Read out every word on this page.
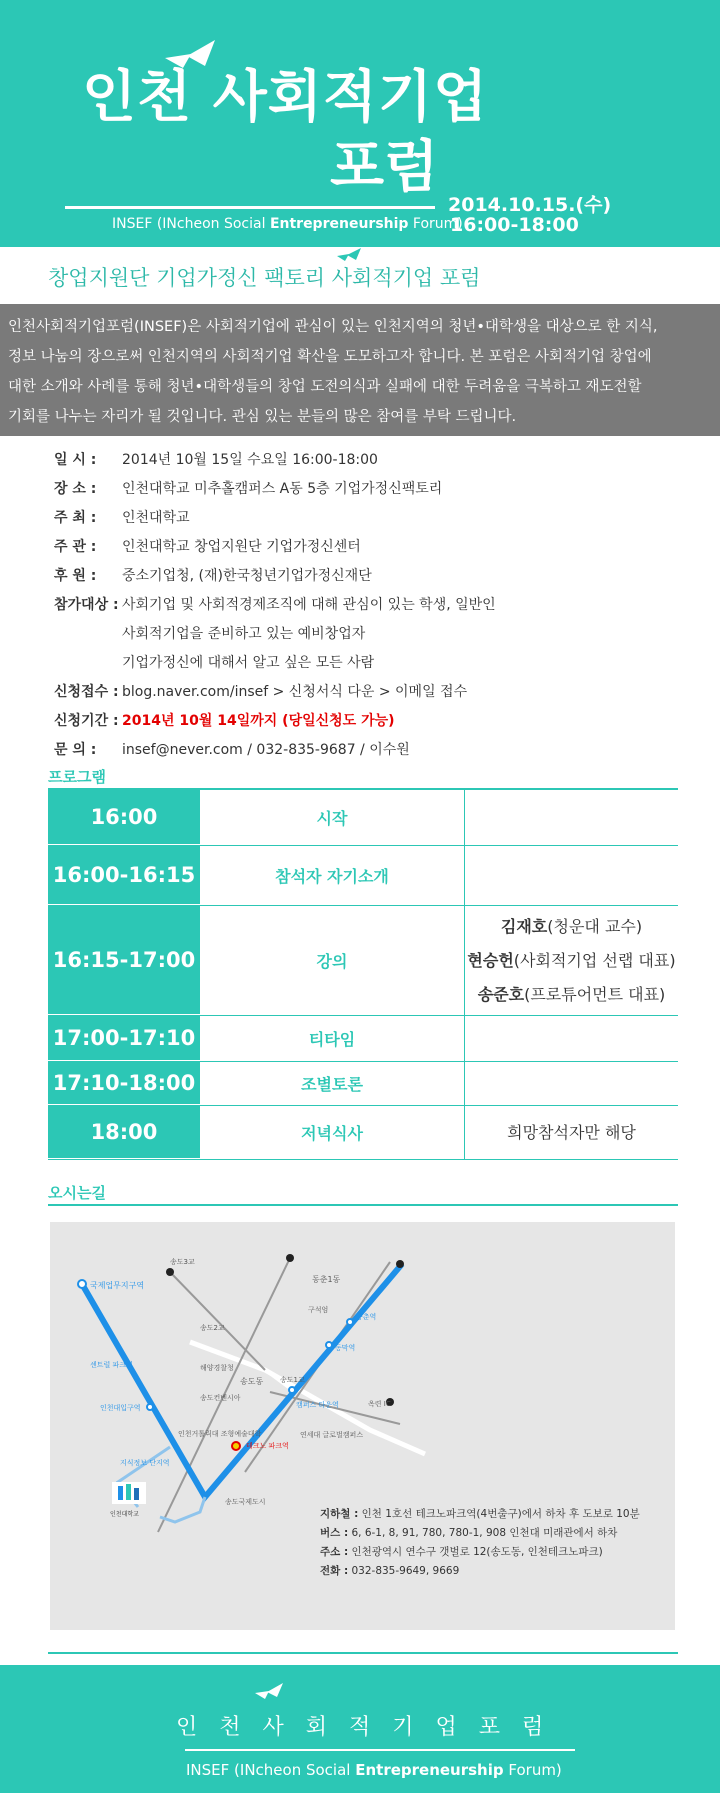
인천 사회적기업
포럼
INSEF (INcheon Social Entrepreneurship Forum)
2014.10.15.(수)
16:00-18:00
창업지원단 기업가정신 팩토리 사회적기업 포럼

인천사회적기업포럼(INSEF)은 사회적기업에 관심이 있는 인천지역의 청년•대학생을 대상으로 한 지식,

정보 나눔의 장으로써 인천지역의 사회적기업 확산을 도모하고자 합니다. 본 포럼은 사회적기업 창업에

대한 소개와 사례를 통해 청년•대학생들의 창업 도전의식과 실패에 대한 두려움을 극복하고 재도전할

기회를 나누는 자리가 될 것입니다. 관심 있는 분들의 많은 참여를 부탁 드립니다.

일 시 : 2014년 10월 15일 수요일 16:00-18:00
장 소 : 인천대학교 미추홀캠퍼스 A동 5층 기업가정신팩토리
주 최 : 인천대학교
주 관 : 인천대학교 창업지원단 기업가정신센터
후 원 : 중소기업청, (재)한국청년기업가정신재단
참가대상 : 사회기업 및 사회적경제조직에 대해 관심이 있는 학생, 일반인
사회적기업을 준비하고 있는 예비창업자
기업가정신에 대해서 알고 싶은 모든 사람
신청접수 : blog.naver.com/insef > 신청서식 다운 > 이메일 접수
신청기간 : 2014년 10월 14일까지 (당일신청도 가능)
문 의 : insef@never.com / 032-835-9687 / 이수원
프로그램
16:00	시작
16:00-16:15	참석자 자기소개
16:15-17:00	강의
김재호(청운대 교수)
현승헌(사회적기업 선랩 대표)
송준호(프로튜어먼트 대표)
17:00-17:10	티타임
17:10-18:00	조별토론
18:00	저녁식사	희망참석자만 해당
오시는길
국제업무지구역
센트럴 파크역
인천대입구역
지식정보 단지역
테크노 파크역
캠퍼스 타운역
동막역
동춘역
동춘1동
송도3교
송도2교
송도1교
송도동
해양경찰청
송도컨벤시아
인천거톨릭대 조형예술대학	연세대 글로벌캠퍼스
송도국제도시
구석엄
옥련 IC
인천대학교	지하철 : 인천 1호선 테크노파크역(4번출구)에서 하차 후 도보로 10분
버스 : 6, 6-1, 8, 91, 780, 780-1, 908 인천대 미래관에서 하차
주소 : 인천광역시 연수구 갯벌로 12(송도동, 인천테크노파크)
전화 : 032-835-9649, 9669
인천사회적기업포럼
INSEF (INcheon Social Entrepreneurship Forum)
